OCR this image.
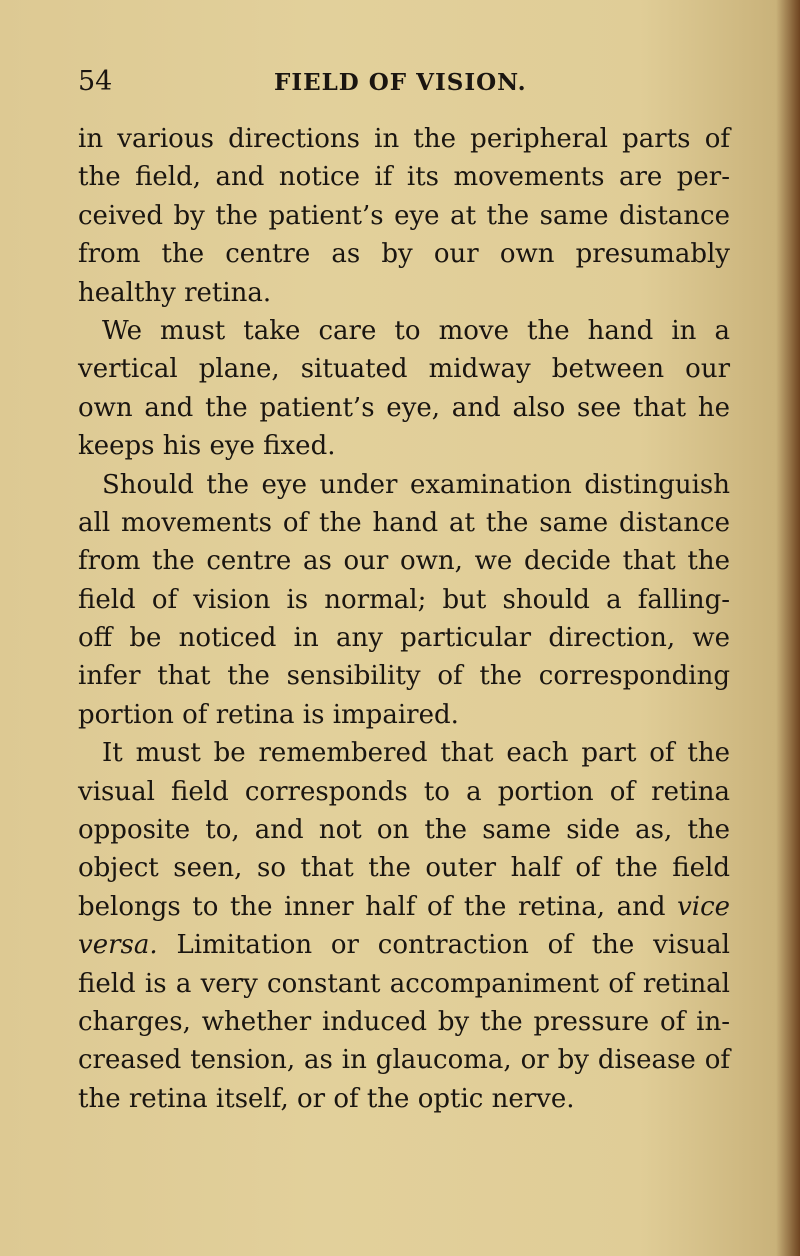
54	FIELD OF VISION.
in various directions in the peripheral parts of
the field, and notice if its movements are per-
ceived by the patient’s eye at the same distance
from the centre as by our own presumably
healthy retina.
We must take care to move the hand in a
vertical plane, situated midway between our
own and the patient’s eye, and also see that he
keeps his eye fixed.
Should the eye under examination distinguish
all movements of the hand at the same distance
from the centre as our own, we decide that the
field of vision is normal; but should a falling-
off be noticed in any particular direction, we
infer that the sensibility of the corresponding
portion of retina is impaired.
It must be remembered that each part of the
visual field corresponds to a portion of retina
opposite to, and not on the same side as, the
object seen, so that the outer half of the field
belongs to the inner half of the retina, and vice
versa. Limitation or contraction of the visual
field is a very constant accompaniment of retinal
charges, whether induced by the pressure of in-
creased tension, as in glaucoma, or by disease of
the retina itself, or of the optic nerve.
